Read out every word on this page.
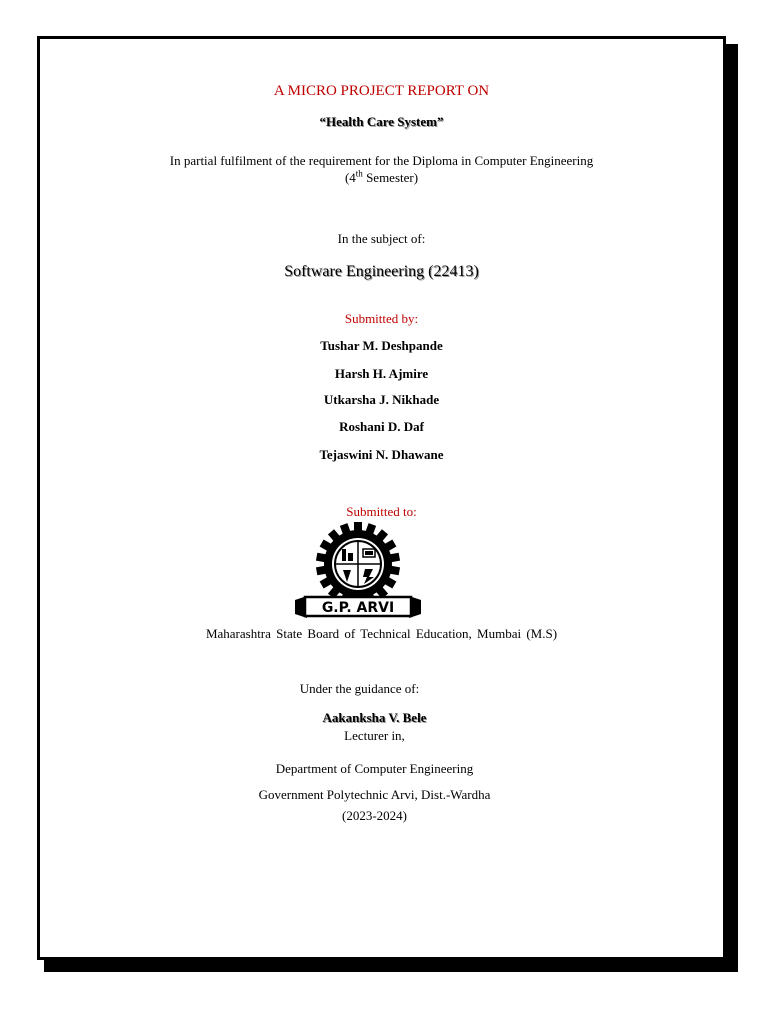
A MICRO PROJECT REPORT ON
“Health Care System”
In partial fulfilment of the requirement for the Diploma in Computer Engineering
(4th Semester)
In the subject of:
Software Engineering (22413)
Submitted by:
Tushar M. Deshpande
Harsh H. Ajmire
Utkarsha J. Nikhade
Roshani D. Daf
Tejaswini N. Dhawane
Submitted to:
Maharashtra State Board of Technical Education, Mumbai (M.S)
Under the guidance of:
Aakanksha V. Bele
Lecturer in,
Department of Computer Engineering
Government Polytechnic Arvi, Dist.-Wardha
(2023-2024)
G.P. ARVI
